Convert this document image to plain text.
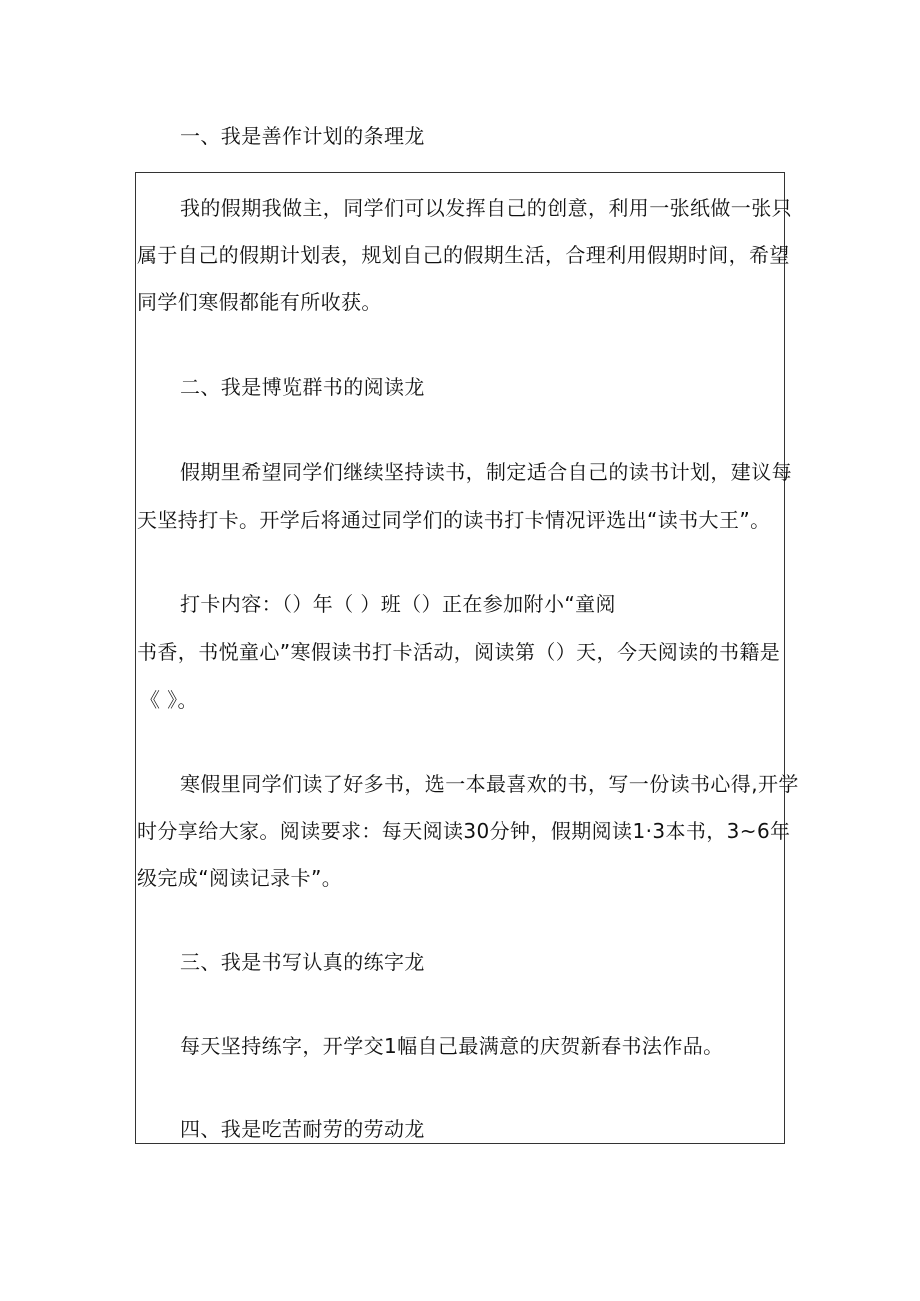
一、我是善作计划的条理龙
我的假期我做主，同学们可以发挥自己的创意，利用一张纸做一张只
属于自己的假期计划表，规划自己的假期生活，合理利用假期时间，希望
同学们寒假都能有所收获。
二、我是博览群书的阅读龙
假期里希望同学们继续坚持读书，制定适合自己的读书计划，建议每
天坚持打卡。开学后将通过同学们的读书打卡情况评选出“读书大王”。
打卡内容：（）年（ ）班（）正在参加附小“童阅
书香，书悦童心”寒假读书打卡活动，阅读第（）天，今天阅读的书籍是
《 》。
寒假里同学们读了好多书，选一本最喜欢的书，写一份读书心得,开学
时分享给大家。阅读要求：每天阅读30分钟，假期阅读1·3本书，3~6年
级完成“阅读记录卡”。
三、我是书写认真的练字龙
每天坚持练字，开学交1幅自己最满意的庆贺新春书法作品。
四、我是吃苦耐劳的劳动龙
